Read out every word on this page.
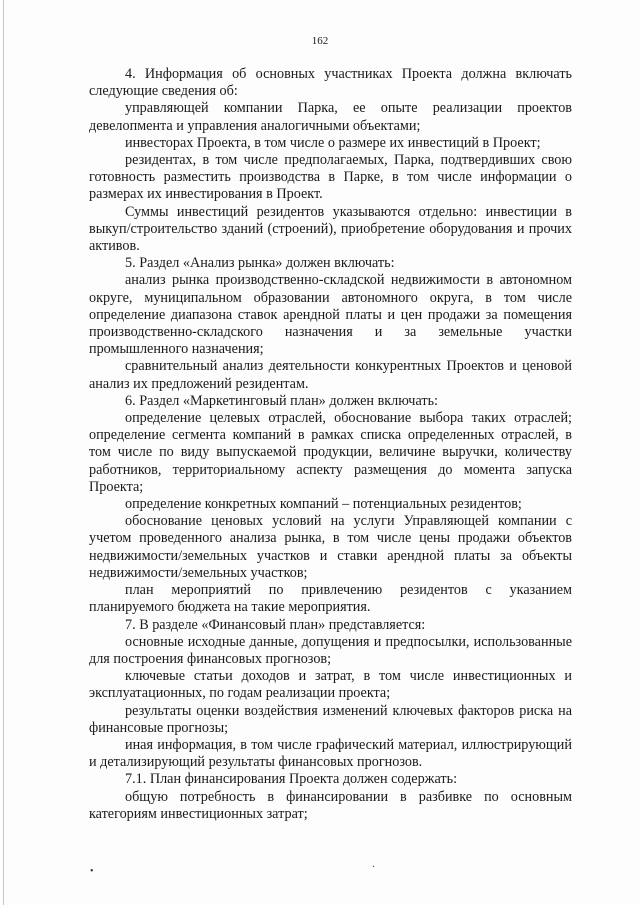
162

4. Информация об основных участниках Проекта должна включать следующие сведения об:

управляющей компании Парка, ее опыте реализации проектов девелопмента и управления аналогичными объектами;

инвесторах Проекта, в том числе о размере их инвестиций в Проект;

резидентах, в том числе предполагаемых, Парка, подтвердивших свою готовность разместить производства в Парке, в том числе информации о размерах их инвестирования в Проект.

Суммы инвестиций резидентов указываются отдельно: инвестиции в выкуп/строительство зданий (строений), приобретение оборудования и прочих активов.

5. Раздел «Анализ рынка» должен включать:

анализ рынка производственно-складской недвижимости в автономном округе, муниципальном образовании автономного округа, в том числе определение диапазона ставок арендной платы и цен продажи за помещения производственно-складского назначения и за земельные участки промышленного назначения;

сравнительный анализ деятельности конкурентных Проектов и ценовой анализ их предложений резидентам.

6. Раздел «Маркетинговый план» должен включать:

определение целевых отраслей, обоснование выбора таких отраслей; определение сегмента компаний в рамках списка определенных отраслей, в том числе по виду выпускаемой продукции, величине выручки, количеству работников, территориальному аспекту размещения до момента запуска Проекта;

определение конкретных компаний – потенциальных резидентов;

обоснование ценовых условий на услуги Управляющей компании с учетом проведенного анализа рынка, в том числе цены продажи объектов недвижимости/земельных участков и ставки арендной платы за объекты недвижимости/земельных участков;

план мероприятий по привлечению резидентов с указанием планируемого бюджета на такие мероприятия.

7. В разделе «Финансовый план» представляется:

основные исходные данные, допущения и предпосылки, использованные для построения финансовых прогнозов;

ключевые статьи доходов и затрат, в том числе инвестиционных и эксплуатационных, по годам реализации проекта;

результаты оценки воздействия изменений ключевых факторов риска на финансовые прогнозы;

иная информация, в том числе графический материал, иллюстрирующий и детализирующий результаты финансовых прогнозов.

7.1. План финансирования Проекта должен содержать:

общую потребность в финансировании в разбивке по основным категориям инвестиционных затрат;

•	·
